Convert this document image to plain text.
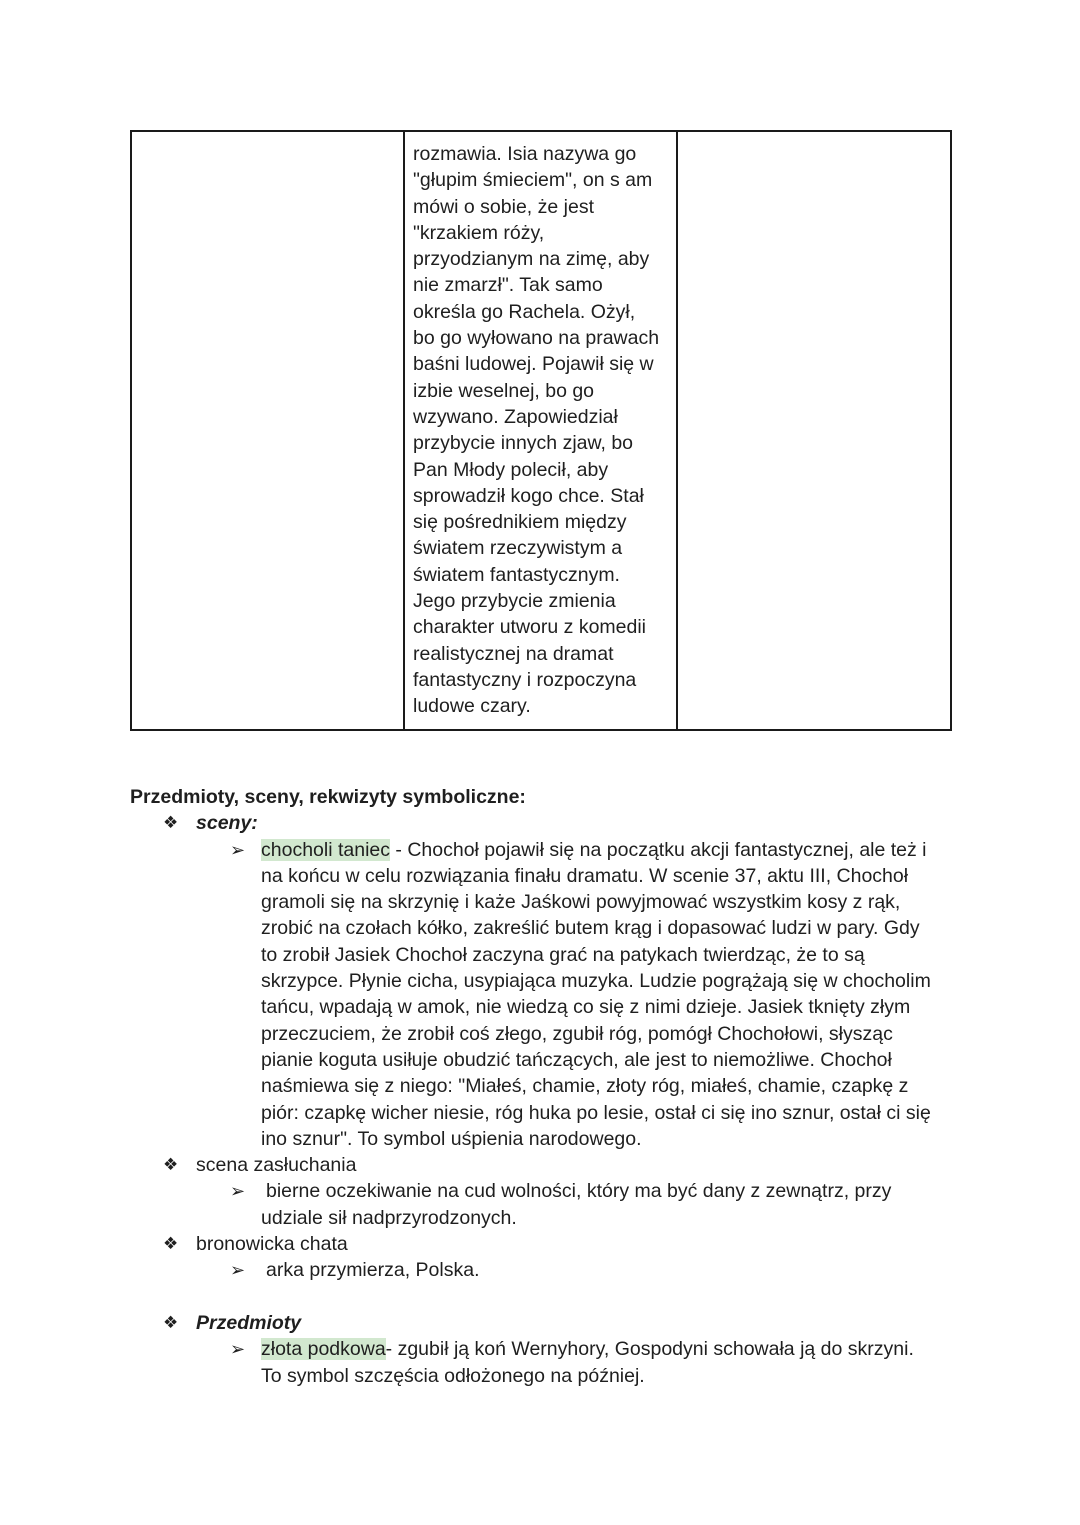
rozmawia. Isia nazywa go
"głupim śmieciem", on s am
mówi o sobie, że jest
"krzakiem róży,
przyodzianym na zimę, aby
nie zmarzł". Tak samo
określa go Rachela. Ożył,
bo go wyłowano na prawach
baśni ludowej. Pojawił się w
izbie weselnej, bo go
wzywano. Zapowiedział
przybycie innych zjaw, bo
Pan Młody polecił, aby
sprowadził kogo chce. Stał
się pośrednikiem między
światem rzeczywistym a
światem fantastycznym.
Jego przybycie zmienia
charakter utworu z komedii
realistycznej na dramat
fantastyczny i rozpoczyna
ludowe czary.

Przedmioty, sceny, rekwizyty symboliczne:
❖ sceny:
➢ chocholi taniec - Chochoł pojawił się na początku akcji fantastycznej, ale też i
na końcu w celu rozwiązania finału dramatu. W scenie 37, aktu III, Chochoł
gramoli się na skrzynię i każe Jaśkowi powyjmować wszystkim kosy z rąk,
zrobić na czołach kółko, zakreślić butem krąg i dopasować ludzi w pary. Gdy
to zrobił Jasiek Chochoł zaczyna grać na patykach twierdząc, że to są
skrzypce. Płynie cicha, usypiająca muzyka. Ludzie pogrążają się w chocholim
tańcu, wpadają w amok, nie wiedzą co się z nimi dzieje. Jasiek tknięty złym
przeczuciem, że zrobił coś złego, zgubił róg, pomógł Chochołowi, słysząc
pianie koguta usiłuje obudzić tańczących, ale jest to niemożliwe. Chochoł
naśmiewa się z niego: "Miałeś, chamie, złoty róg, miałeś, chamie, czapkę z
piór: czapkę wicher niesie, róg huka po lesie, ostał ci się ino sznur, ostał ci się
ino sznur". To symbol uśpienia narodowego.
❖ scena zasłuchania
➢ bierne oczekiwanie na cud wolności, który ma być dany z zewnątrz, przy
udziale sił nadprzyrodzonych.
❖ bronowicka chata
➢ arka przymierza, Polska.
❖ Przedmioty
➢ złota podkowa- zgubił ją koń Wernyhory, Gospodyni schowała ją do skrzyni.
To symbol szczęścia odłożonego na później.
